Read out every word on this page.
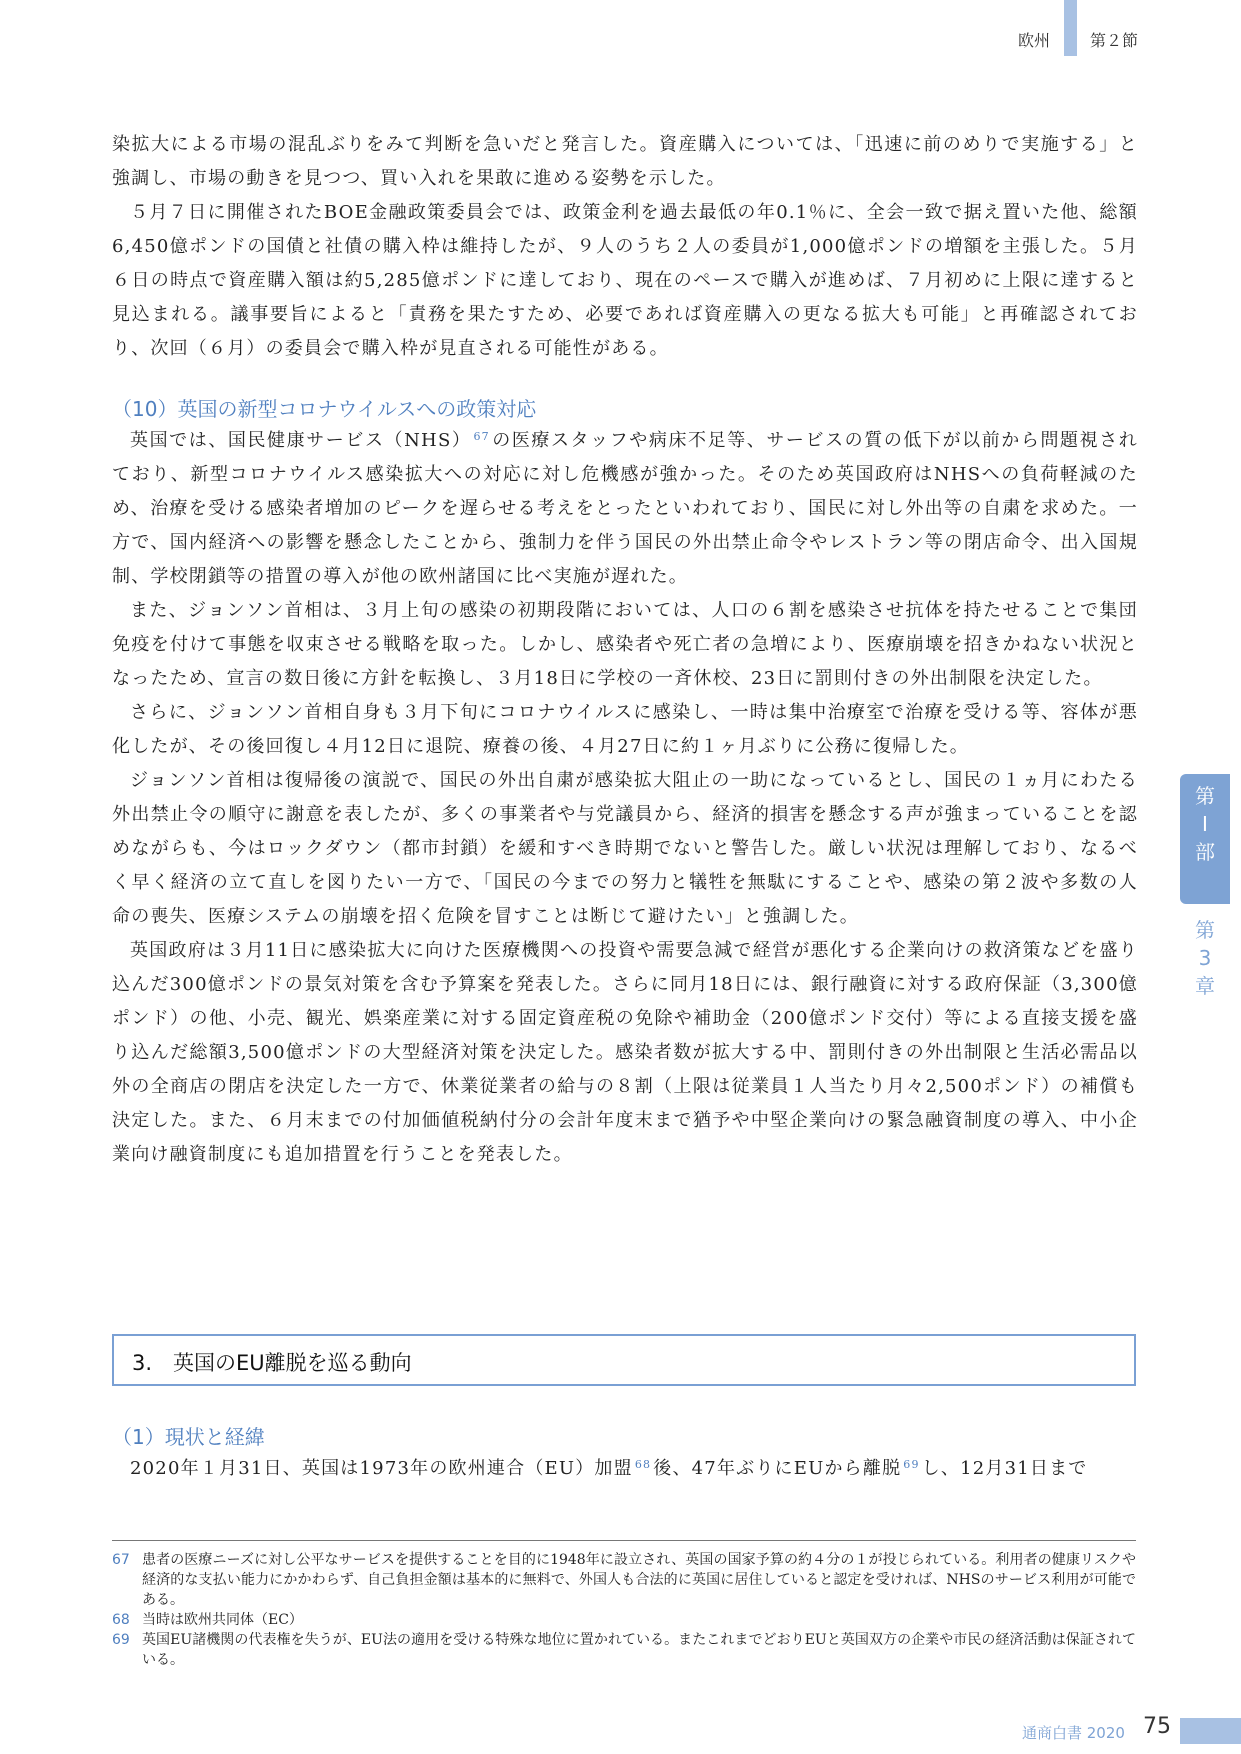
欧州 第２節

染拡大による市場の混乱ぶりをみて判断を急いだと発言した。資産購入については、「迅速に前のめりで実施する」と強調し、市場の動きを見つつ、買い入れを果敢に進める姿勢を示した。

５月７日に開催されたBOE金融政策委員会では、政策金利を過去最低の年0.1％に、全会一致で据え置いた他、総額6,450億ポンドの国債と社債の購入枠は維持したが、９人のうち２人の委員が1,000億ポンドの増額を主張した。５月６日の時点で資産購入額は約5,285億ポンドに達しており、現在のペースで購入が進めば、７月初めに上限に達すると見込まれる。議事要旨によると「責務を果たすため、必要であれば資産購入の更なる拡大も可能」と再確認されており、次回（６月）の委員会で購入枠が見直される可能性がある。

（10）英国の新型コロナウイルスへの政策対応

英国では、国民健康サービス（NHS） $^{67}$ の医療スタッフや病床不足等、サービスの質の低下が以前から問題視されており、新型コロナウイルス感染拡大への対応に対し危機感が強かった。そのため英国政府はNHSへの負荷軽減のため、治療を受ける感染者増加のピークを遅らせる考えをとったといわれており、国民に対し外出等の自粛を求めた。一方で、国内経済への影響を懸念したことから、強制力を伴う国民の外出禁止命令やレストラン等の閉店命令、出入国規制、学校閉鎖等の措置の導入が他の欧州諸国に比べ実施が遅れた。

また、ジョンソン首相は、３月上旬の感染の初期段階においては、人口の６割を感染させ抗体を持たせることで集団免疫を付けて事態を収束させる戦略を取った。しかし、感染者や死亡者の急増により、医療崩壊を招きかねない状況となったため、宣言の数日後に方針を転換し、３月18日に学校の一斉休校、23日に罰則付きの外出制限を決定した。

さらに、ジョンソン首相自身も３月下旬にコロナウイルスに感染し、一時は集中治療室で治療を受ける等、容体が悪化したが、その後回復し４月12日に退院、療養の後、４月27日に約１ヶ月ぶりに公務に復帰した。

ジョンソン首相は復帰後の演説で、国民の外出自粛が感染拡大阻止の一助になっているとし、国民の１ヵ月にわたる外出禁止令の順守に謝意を表したが、多くの事業者や与党議員から、経済的損害を懸念する声が強まっていることを認めながらも、今はロックダウン（都市封鎖）を緩和すべき時期でないと警告した。厳しい状況は理解しており、なるべく早く経済の立て直しを図りたい一方で、「国民の今までの努力と犠牲を無駄にすることや、感染の第２波や多数の人命の喪失、医療システムの崩壊を招く危険を冒すことは断じて避けたい」と強調した。

英国政府は３月11日に感染拡大に向けた医療機関への投資や需要急減で経営が悪化する企業向けの救済策などを盛り込んだ300億ポンドの景気対策を含む予算案を発表した。さらに同月18日には、銀行融資に対する政府保証（3,300億ポンド）の他、小売、観光、娯楽産業に対する固定資産税の免除や補助金（200億ポンド交付）等による直接支援を盛り込んだ総額3,500億ポンドの大型経済対策を決定した。感染者数が拡大する中、罰則付きの外出制限と生活必需品以外の全商店の閉店を決定した一方で、休業従業者の給与の８割（上限は従業員１人当たり月々2,500ポンド）の補償も決定した。また、６月末までの付加価値税納付分の会計年度末まで猶予や中堅企業向けの緊急融資制度の導入、中小企業向け融資制度にも追加措置を行うことを発表した。

3.　英国のEU離脱を巡る動向
（1）現状と経緯

2020年１月31日、英国は1973年の欧州連合（EU）加盟 $^{68}$ 後、47年ぶりにEUから離脱 $^{69}$ し、12月31日まで

67 患者の医療ニーズに対し公平なサービスを提供することを目的に1948年に設立され、英国の国家予算の約４分の１が投じられている。利用者の健康リスクや経済的な支払い能力にかかわらず、自己負担金額は基本的に無料で、外国人も合法的に英国に居住していると認定を受ければ、NHSのサービス利用が可能である。
68 当時は欧州共同体（EC）
69 英国EU諸機関の代表権を失うが、EU法の適用を受ける特殊な地位に置かれている。またこれまでどおりEUと英国双方の企業や市民の経済活動は保証されている。
第
I
部
第
3
章
通商白書 2020 75
